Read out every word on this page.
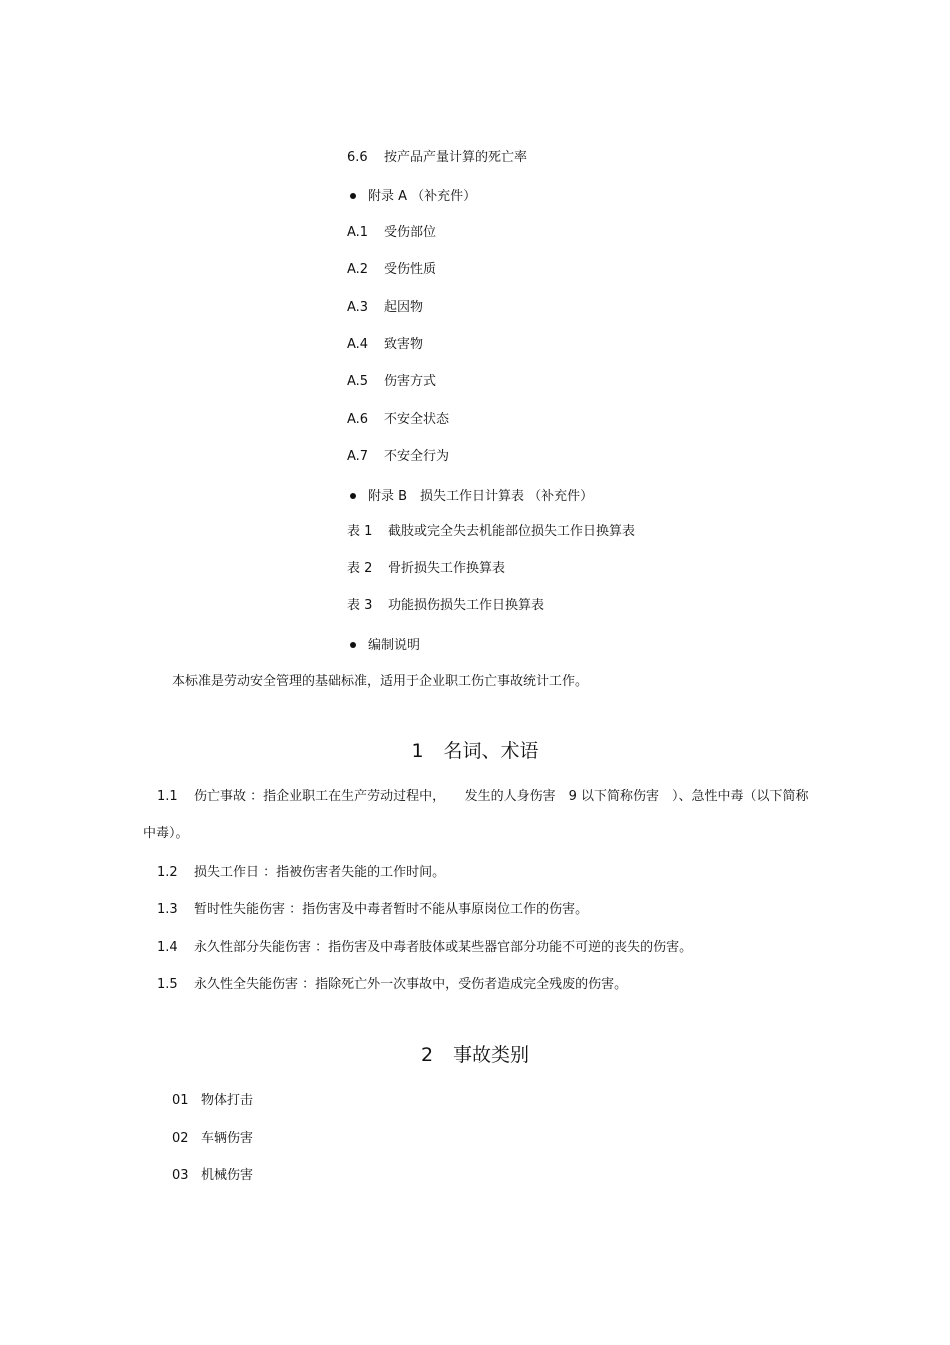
6.6 按产品产量计算的死亡率
附录 A （补充件）
A.1 受伤部位
A.2 受伤性质
A.3 起因物
A.4 致害物
A.5 伤害方式
A.6 不安全状态
A.7 不安全行为
附录 B　损失工作日计算表 （补充件）
表 1 截肢或完全失去机能部位损失工作日换算表
表 2 骨折损失工作换算表
表 3 功能损伤损失工作日换算表
编制说明
本标准是劳动安全管理的基础标准，适用于企业职工伤亡事故统计工作。
1 名词、术语
1.1 伤亡事故 ：指企业职工在生产劳动过程中，　　发生的人身伤害　9 以下简称伤害　）、急性中毒（以下简称
中毒）。
1.2 损失工作日 ：指被伤害者失能的工作时间。
1.3 暂时性失能伤害 ：指伤害及中毒者暂时不能从事原岗位工作的伤害。
1.4 永久性部分失能伤害 ：指伤害及中毒者肢体或某些器官部分功能不可逆的丧失的伤害。
1.5 永久性全失能伤害 ：指除死亡外一次事故中，受伤者造成完全残废的伤害。
2 事故类别
01 物体打击
02 车辆伤害
03 机械伤害
